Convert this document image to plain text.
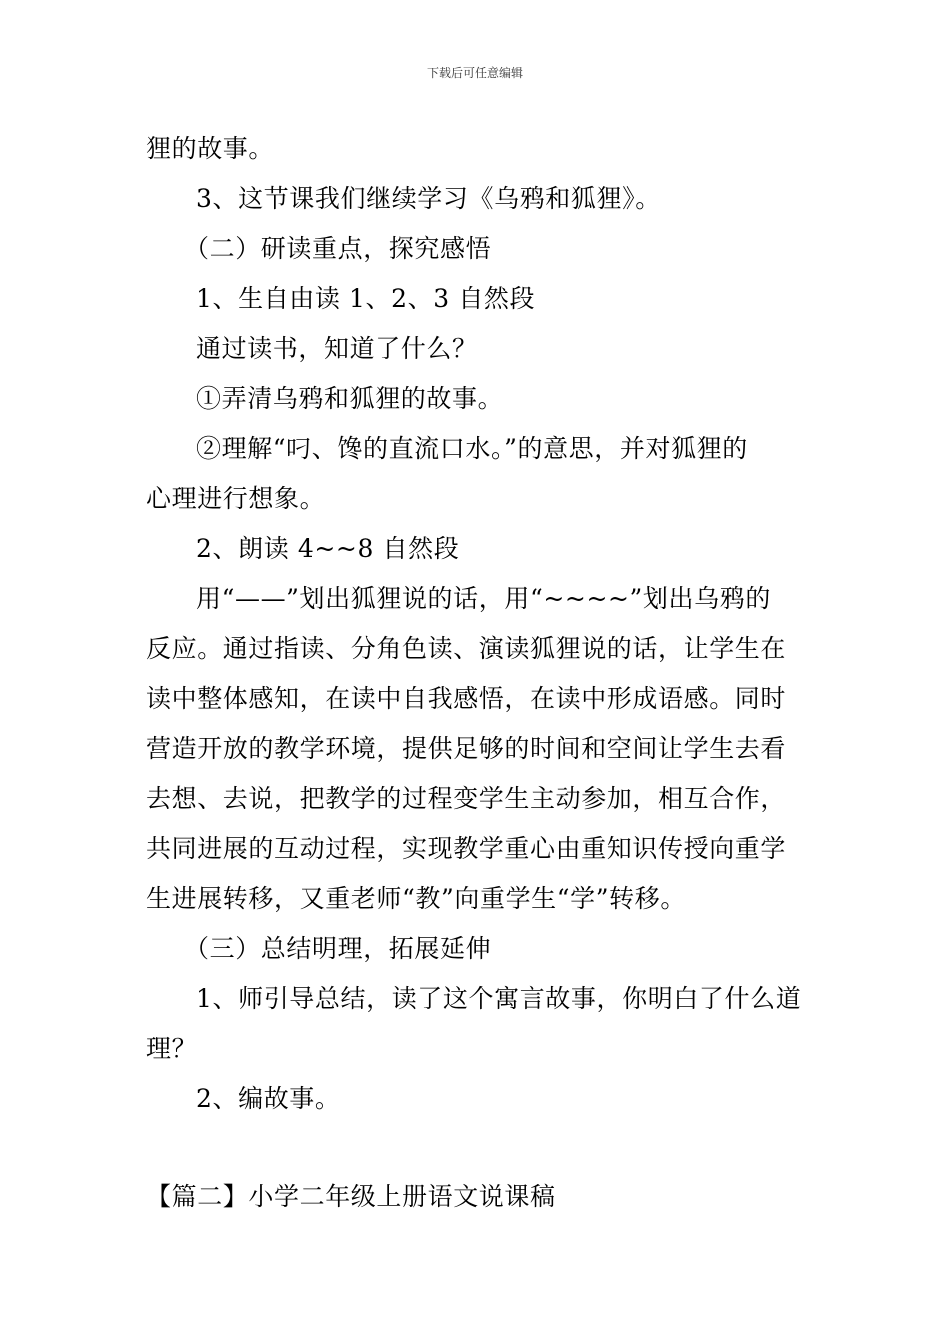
下载后可任意编辑
狸的故事。
3、这节课我们继续学习《乌鸦和狐狸》。
（二）研读重点，探究感悟
1、生自由读 1、2、3 自然段
通过读书，知道了什么？
①弄清乌鸦和狐狸的故事。
②理解“叼、馋的直流口水。”的意思，并对狐狸的
心理进行想象。
2、朗读 4~~8 自然段
用“——”划出狐狸说的话，用“~~~~”划出乌鸦的
反应。通过指读、分角色读、演读狐狸说的话，让学生在
读中整体感知，在读中自我感悟，在读中形成语感。同时
营造开放的教学环境，提供足够的时间和空间让学生去看
去想、去说，把教学的过程变学生主动参加，相互合作，
共同进展的互动过程，实现教学重心由重知识传授向重学
生进展转移，又重老师“教”向重学生“学”转移。
（三）总结明理，拓展延伸
1、师引导总结，读了这个寓言故事，你明白了什么道
理？
2、编故事。
【篇二】小学二年级上册语文说课稿
